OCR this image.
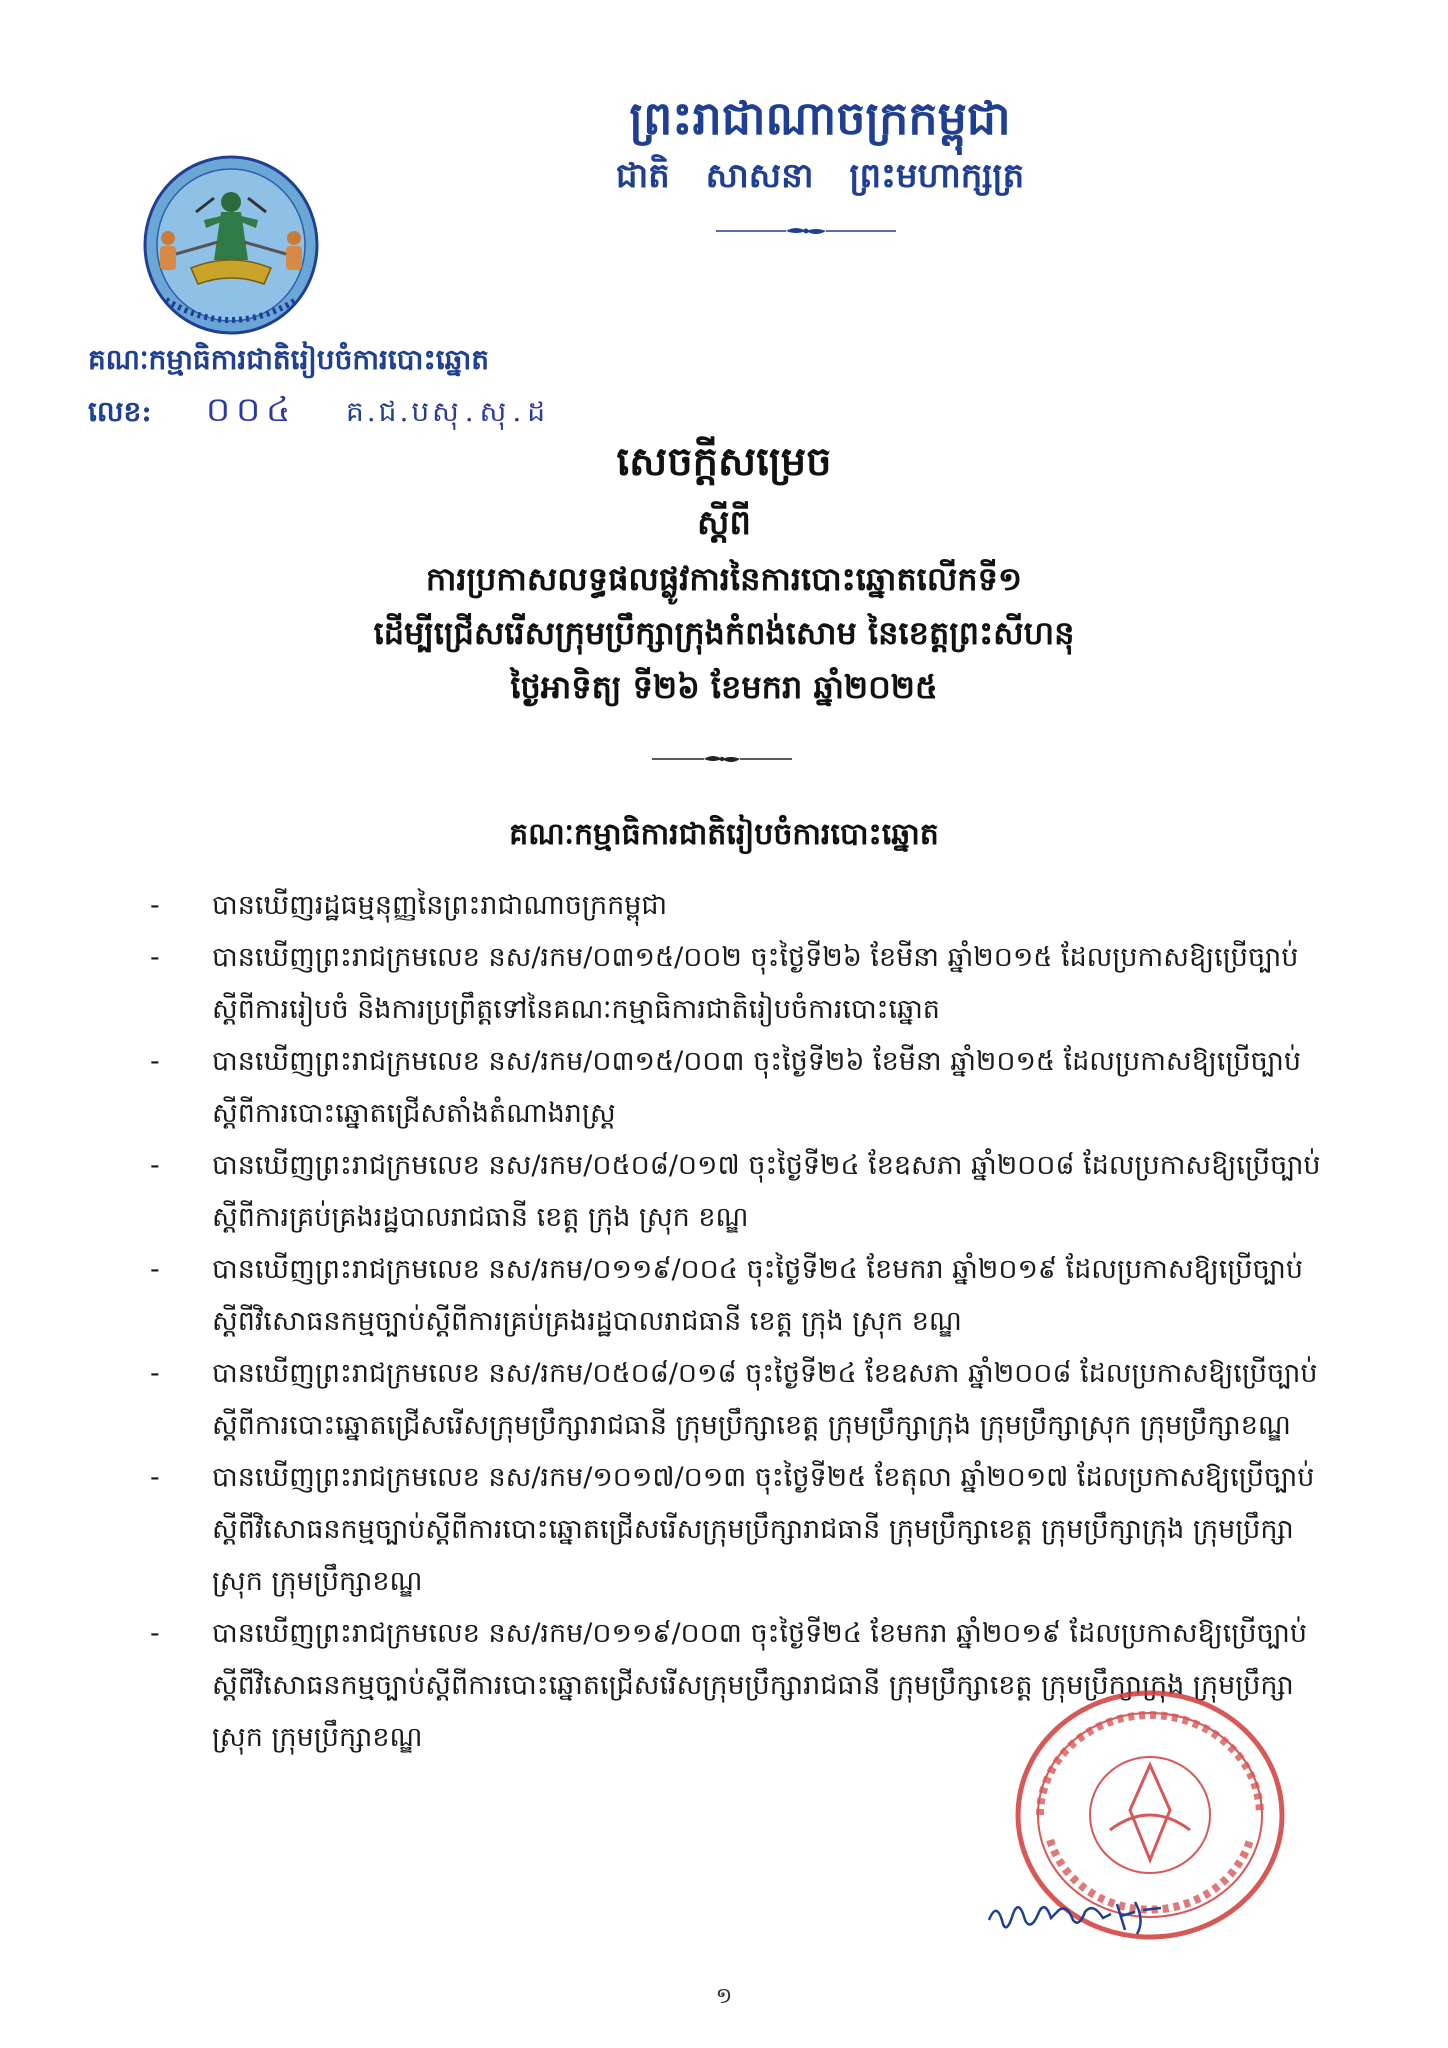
ព្រះរាជាណាចក្រកម្ពុជា
ជាតិ សាសនា ព្រះមហាក្សត្រ
គណៈកម្មាធិការជាតិរៀបចំការបោះឆ្នោត
លេខ:	០០៤	គ.ជ.ប សុ.សុ.ដ
សេចក្ដីសម្រេច
ស្តីពី
ការប្រកាសលទ្ធផលផ្លូវការនៃការបោះឆ្នោតលើកទី១
ដើម្បីជ្រើសរើសក្រុមប្រឹក្សាក្រុងកំពង់សោម នៃខេត្តព្រះសីហនុ
ថ្ងៃអាទិត្យ ទី២៦ ខែមករា ឆ្នាំ២០២៥
គណៈកម្មាធិការជាតិរៀបចំការបោះឆ្នោត
- បានឃើញរដ្ឋធម្មនុញ្ញនៃព្រះរាជាណាចក្រកម្ពុជា
- បានឃើញព្រះរាជក្រមលេខ នស/រកម/០៣១៥/០០២ ចុះថ្ងៃទី២៦ ខែមីនា ឆ្នាំ២០១៥ ដែលប្រកាសឱ្យប្រើច្បាប់ស្តីពីការរៀបចំ និងការប្រព្រឹត្តទៅនៃគណៈកម្មាធិការជាតិរៀបចំការបោះឆ្នោត
- បានឃើញព្រះរាជក្រមលេខ នស/រកម/០៣១៥/០០៣ ចុះថ្ងៃទី២៦ ខែមីនា ឆ្នាំ២០១៥ ដែលប្រកាសឱ្យប្រើច្បាប់ស្តីពីការបោះឆ្នោតជ្រើសតាំងតំណាងរាស្ត្រ
- បានឃើញព្រះរាជក្រមលេខ នស/រកម/០៥០៨/០១៧ ចុះថ្ងៃទី២៤ ខែឧសភា ឆ្នាំ២០០៨ ដែលប្រកាសឱ្យប្រើច្បាប់ស្តីពីការគ្រប់គ្រងរដ្ឋបាលរាជធានី ខេត្ត ក្រុង ស្រុក ខណ្ឌ
- បានឃើញព្រះរាជក្រមលេខ នស/រកម/០១១៩/០០៤ ចុះថ្ងៃទី២៤ ខែមករា ឆ្នាំ២០១៩ ដែលប្រកាសឱ្យប្រើច្បាប់ស្តីពីវិសោធនកម្មច្បាប់ស្តីពីការគ្រប់គ្រងរដ្ឋបាលរាជធានី ខេត្ត ក្រុង ស្រុក ខណ្ឌ
- បានឃើញព្រះរាជក្រមលេខ នស/រកម/០៥០៨/០១៨ ចុះថ្ងៃទី២៤ ខែឧសភា ឆ្នាំ២០០៨ ដែលប្រកាសឱ្យប្រើច្បាប់ស្តីពីការបោះឆ្នោតជ្រើសរើសក្រុមប្រឹក្សារាជធានី ក្រុមប្រឹក្សាខេត្ត ក្រុមប្រឹក្សាក្រុង ក្រុមប្រឹក្សាស្រុក ក្រុមប្រឹក្សាខណ្ឌ
- បានឃើញព្រះរាជក្រមលេខ នស/រកម/១០១៧/០១៣ ចុះថ្ងៃទី២៥ ខែតុលា ឆ្នាំ២០១៧ ដែលប្រកាសឱ្យប្រើច្បាប់ស្តីពីវិសោធនកម្មច្បាប់ស្តីពីការបោះឆ្នោតជ្រើសរើសក្រុមប្រឹក្សារាជធានី ក្រុមប្រឹក្សាខេត្ត ក្រុមប្រឹក្សាក្រុង ក្រុមប្រឹក្សាស្រុក ក្រុមប្រឹក្សាខណ្ឌ
- បានឃើញព្រះរាជក្រមលេខ នស/រកម/០១១៩/០០៣ ចុះថ្ងៃទី២៤ ខែមករា ឆ្នាំ២០១៩ ដែលប្រកាសឱ្យប្រើច្បាប់ស្តីពីវិសោធនកម្មច្បាប់ស្តីពីការបោះឆ្នោតជ្រើសរើសក្រុមប្រឹក្សារាជធានី ក្រុមប្រឹក្សាខេត្ត ក្រុមប្រឹក្សាក្រុង ក្រុមប្រឹក្សាស្រុក ក្រុមប្រឹក្សាខណ្ឌ
១
